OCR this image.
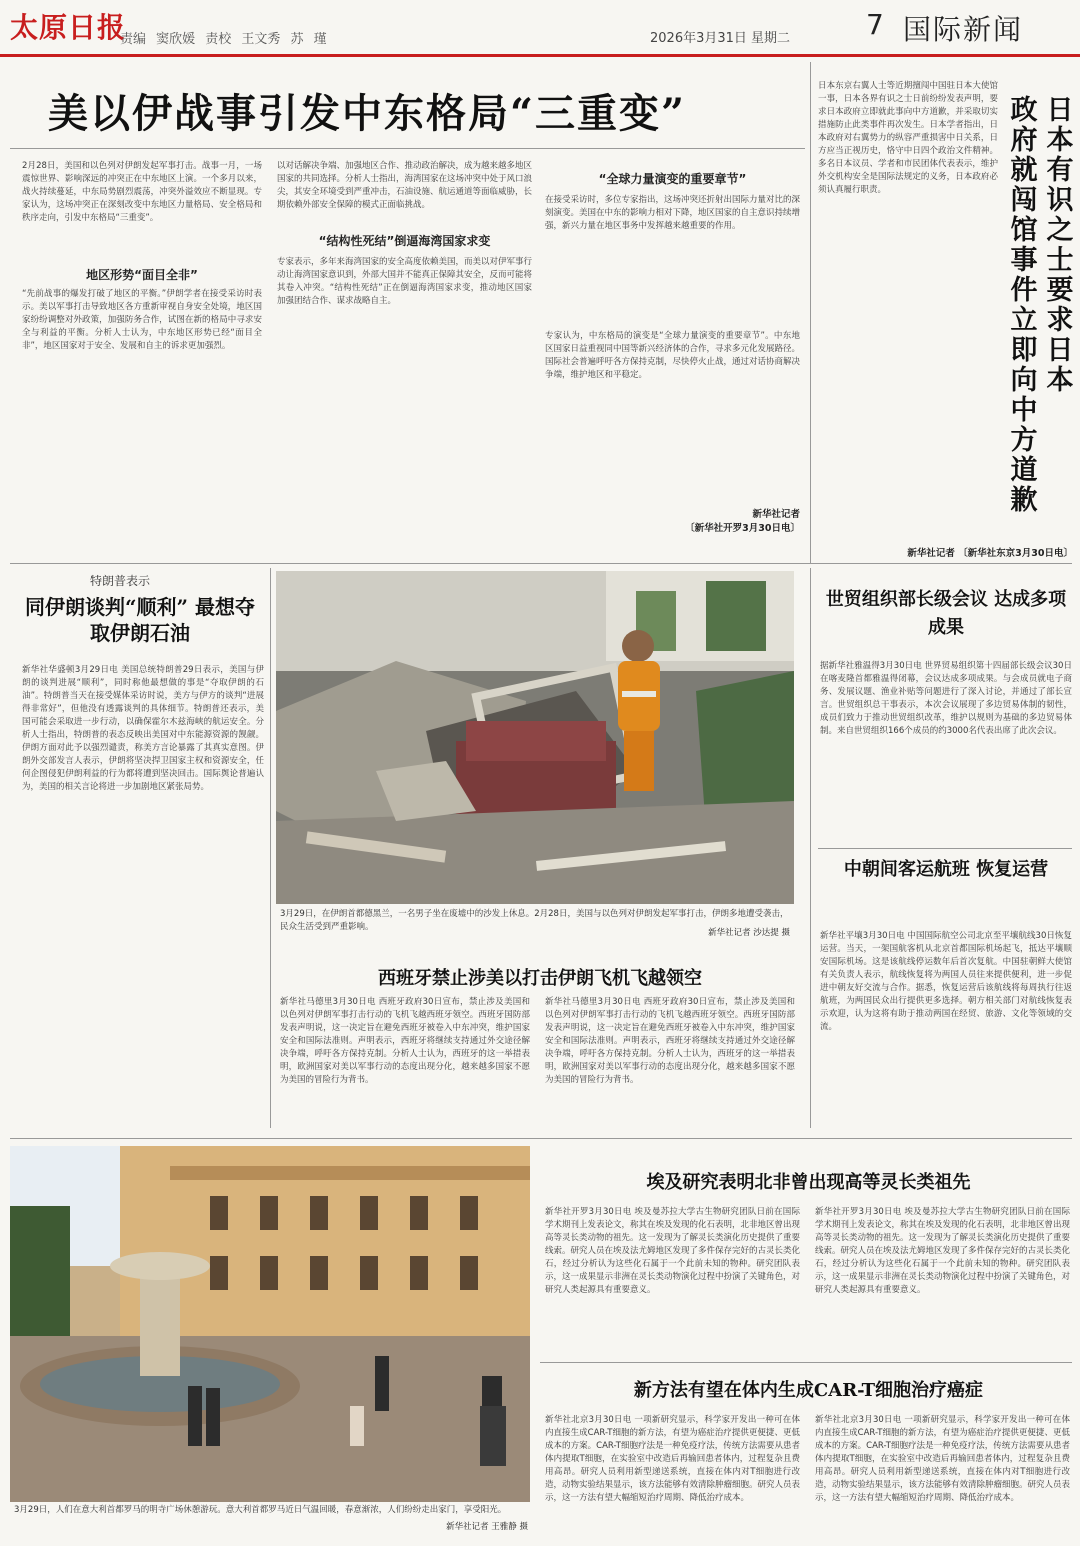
太原日报
责编 窦欣媛 责校 王文秀 苏 瑾	2026年3月31日 星期二	7 国际新闻
美以伊战事引发中东格局“三重变”
2月28日，美国和以色列对伊朗发起军事打击。战事一月，一场震惊世界、影响深远的冲突正在中东地区上演。一个多月以来，战火持续蔓延，中东局势剧烈震荡，冲突外溢效应不断显现。专家认为，这场冲突正在深刻改变中东地区力量格局、安全格局和秩序走向，引发中东格局“三重变”。
地区形势“面目全非”
“先前战事的爆发打破了地区的平衡。”伊朗学者在接受采访时表示。美以军事打击导致地区各方重新审视自身安全处境，地区国家纷纷调整对外政策，加强防务合作，试图在新的格局中寻求安全与利益的平衡。分析人士认为，中东地区形势已经“面目全非”，地区国家对于安全、发展和自主的诉求更加强烈。
以对话解决争端、加强地区合作、推动政治解决，成为越来越多地区国家的共同选择。分析人士指出，海湾国家在这场冲突中处于风口浪尖，其安全环境受到严重冲击，石油设施、航运通道等面临威胁，长期依赖外部安全保障的模式正面临挑战。
“结构性死结”倒逼海湾国家求变
专家表示，多年来海湾国家的安全高度依赖美国，而美以对伊军事行动让海湾国家意识到，外部大国并不能真正保障其安全，反而可能将其卷入冲突。“结构性死结”正在倒逼海湾国家求变，推动地区国家加强团结合作、谋求战略自主。
“全球力量演变的重要章节”
在接受采访时，多位专家指出，这场冲突还折射出国际力量对比的深刻演变。美国在中东的影响力相对下降，地区国家的自主意识持续增强，新兴力量在地区事务中发挥越来越重要的作用。
专家认为，中东格局的演变是“全球力量演变的重要章节”。中东地区国家日益重视同中国等新兴经济体的合作，寻求多元化发展路径。国际社会普遍呼吁各方保持克制，尽快停火止战，通过对话协商解决争端，维护地区和平稳定。
新华社记者
〔新华社开罗3月30日电〕
日
本
有
识
之
士
要
求
日
本
政
府
就
闯
馆
事
件
立
即
向
中
方
道
歉
日本东京右翼人士等近期擅闯中国驻日本大使馆一事，日本各界有识之士日前纷纷发表声明，要求日本政府立即就此事向中方道歉，并采取切实措施防止此类事件再次发生。日本学者指出，日本政府对右翼势力的纵容严重损害中日关系，日方应当正视历史，恪守中日四个政治文件精神。多名日本议员、学者和市民团体代表表示，维护外交机构安全是国际法规定的义务，日本政府必须认真履行职责。
新华社记者 〔新华社东京3月30日电〕
特朗普表示
同伊朗谈判“顺利” 最想夺取伊朗石油
新华社华盛顿3月29日电 美国总统特朗普29日表示，美国与伊朗的谈判进展“顺利”，同时称他最想做的事是“夺取伊朗的石油”。特朗普当天在接受媒体采访时说，美方与伊方的谈判“进展得非常好”，但他没有透露谈判的具体细节。特朗普还表示，美国可能会采取进一步行动，以确保霍尔木兹海峡的航运安全。分析人士指出，特朗普的表态反映出美国对中东能源资源的觊觎。伊朗方面对此予以强烈谴责，称美方言论暴露了其真实意图。伊朗外交部发言人表示，伊朗将坚决捍卫国家主权和资源安全，任何企图侵犯伊朗利益的行为都将遭到坚决回击。国际舆论普遍认为，美国的相关言论将进一步加剧地区紧张局势。
3月29日，在伊朗首都德黑兰，一名男子坐在废墟中的沙发上休息。2月28日，美国与以色列对伊朗发起军事打击，伊朗多地遭受袭击，民众生活受到严重影响。
新华社记者 沙达提 摄
西班牙禁止涉美以打击伊朗飞机飞越领空
新华社马德里3月30日电 西班牙政府30日宣布，禁止涉及美国和以色列对伊朗军事打击行动的飞机飞越西班牙领空。西班牙国防部发表声明说，这一决定旨在避免西班牙被卷入中东冲突，维护国家安全和国际法准则。声明表示，西班牙将继续支持通过外交途径解决争端，呼吁各方保持克制。分析人士认为，西班牙的这一举措表明，欧洲国家对美以军事行动的态度出现分化，越来越多国家不愿为美国的冒险行为背书。
新华社马德里3月30日电 西班牙政府30日宣布，禁止涉及美国和以色列对伊朗军事打击行动的飞机飞越西班牙领空。西班牙国防部发表声明说，这一决定旨在避免西班牙被卷入中东冲突，维护国家安全和国际法准则。声明表示，西班牙将继续支持通过外交途径解决争端，呼吁各方保持克制。分析人士认为，西班牙的这一举措表明，欧洲国家对美以军事行动的态度出现分化，越来越多国家不愿为美国的冒险行为背书。
世贸组织部长级会议 达成多项成果
据新华社雅温得3月30日电 世界贸易组织第十四届部长级会议30日在喀麦隆首都雅温得闭幕，会议达成多项成果。与会成员就电子商务、发展议题、渔业补贴等问题进行了深入讨论，并通过了部长宣言。世贸组织总干事表示，本次会议展现了多边贸易体制的韧性，成员们致力于推动世贸组织改革，维护以规则为基础的多边贸易体制。来自世贸组织166个成员的约3000名代表出席了此次会议。
中朝间客运航班 恢复运营
新华社平壤3月30日电 中国国际航空公司北京至平壤航线30日恢复运营。当天，一架国航客机从北京首都国际机场起飞，抵达平壤顺安国际机场。这是该航线停运数年后首次复航。中国驻朝鲜大使馆有关负责人表示，航线恢复将为两国人员往来提供便利，进一步促进中朝友好交流与合作。据悉，恢复运营后该航线将每周执行往返航班，为两国民众出行提供更多选择。朝方相关部门对航线恢复表示欢迎，认为这将有助于推动两国在经贸、旅游、文化等领域的交流。
3月29日，人们在意大利首都罗马的明寺广场休憩游玩。意大利首都罗马近日气温回暖，春意渐浓，人们纷纷走出家门，享受阳光。
新华社记者 王雅静 摄
埃及研究表明北非曾出现高等灵长类祖先
新华社开罗3月30日电 埃及曼苏拉大学古生物研究团队日前在国际学术期刊上发表论文，称其在埃及发现的化石表明，北非地区曾出现高等灵长类动物的祖先。这一发现为了解灵长类演化历史提供了重要线索。研究人员在埃及法尤姆地区发现了多件保存完好的古灵长类化石，经过分析认为这些化石属于一个此前未知的物种。研究团队表示，这一成果显示非洲在灵长类动物演化过程中扮演了关键角色，对研究人类起源具有重要意义。
新华社开罗3月30日电 埃及曼苏拉大学古生物研究团队日前在国际学术期刊上发表论文，称其在埃及发现的化石表明，北非地区曾出现高等灵长类动物的祖先。这一发现为了解灵长类演化历史提供了重要线索。研究人员在埃及法尤姆地区发现了多件保存完好的古灵长类化石，经过分析认为这些化石属于一个此前未知的物种。研究团队表示，这一成果显示非洲在灵长类动物演化过程中扮演了关键角色，对研究人类起源具有重要意义。
新方法有望在体内生成CAR-T细胞治疗癌症
新华社北京3月30日电 一项新研究显示，科学家开发出一种可在体内直接生成CAR-T细胞的新方法，有望为癌症治疗提供更便捷、更低成本的方案。CAR-T细胞疗法是一种免疫疗法，传统方法需要从患者体内提取T细胞，在实验室中改造后再输回患者体内，过程复杂且费用高昂。研究人员利用新型递送系统，直接在体内对T细胞进行改造，动物实验结果显示，该方法能够有效清除肿瘤细胞。研究人员表示，这一方法有望大幅缩短治疗周期、降低治疗成本。
新华社北京3月30日电 一项新研究显示，科学家开发出一种可在体内直接生成CAR-T细胞的新方法，有望为癌症治疗提供更便捷、更低成本的方案。CAR-T细胞疗法是一种免疫疗法，传统方法需要从患者体内提取T细胞，在实验室中改造后再输回患者体内，过程复杂且费用高昂。研究人员利用新型递送系统，直接在体内对T细胞进行改造，动物实验结果显示，该方法能够有效清除肿瘤细胞。研究人员表示，这一方法有望大幅缩短治疗周期、降低治疗成本。
